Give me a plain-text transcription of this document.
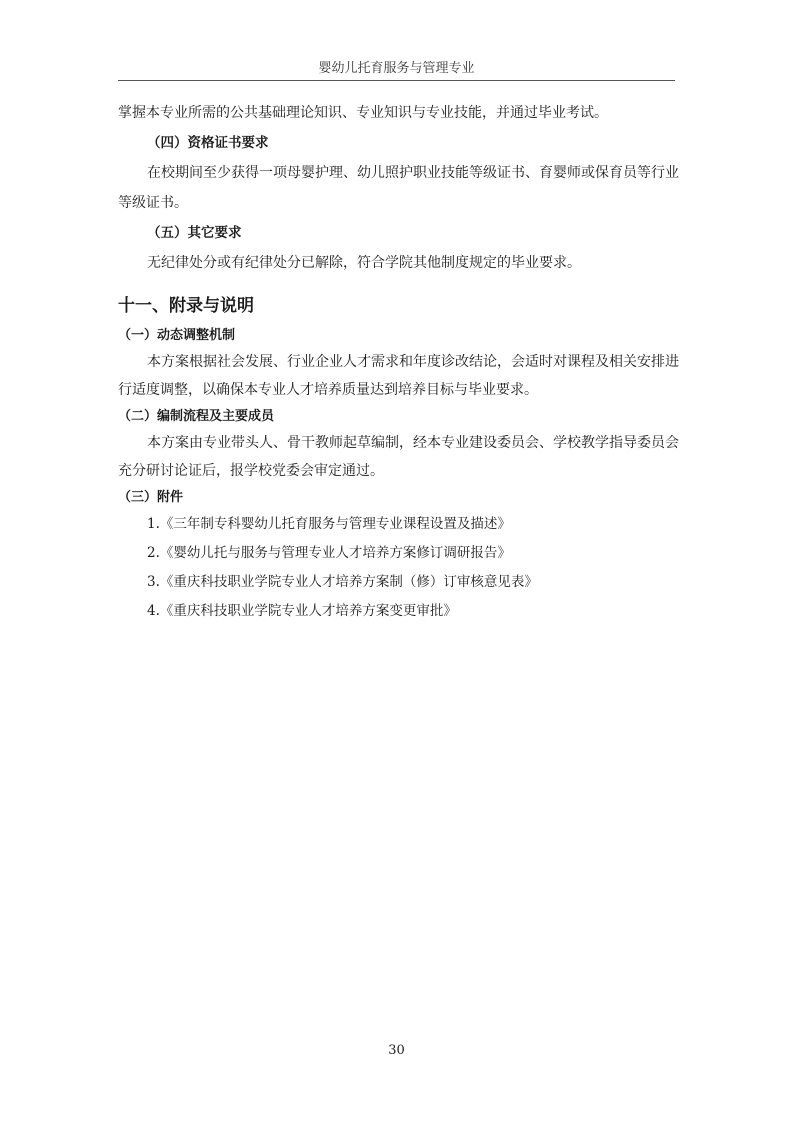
婴幼儿托育服务与管理专业
掌握本专业所需的公共基础理论知识、专业知识与专业技能，并通过毕业考试。
（四）资格证书要求
在校期间至少获得一项母婴护理、幼儿照护职业技能等级证书、育婴师或保育员等行业
等级证书。
（五）其它要求
无纪律处分或有纪律处分已解除，符合学院其他制度规定的毕业要求。
十一、附录与说明
（一）动态调整机制
本方案根据社会发展、行业企业人才需求和年度诊改结论，会适时对课程及相关安排进
行适度调整，以确保本专业人才培养质量达到培养目标与毕业要求。
（二）编制流程及主要成员
本方案由专业带头人、骨干教师起草编制，经本专业建设委员会、学校教学指导委员会
充分研讨论证后，报学校党委会审定通过。
（三）附件
1.《三年制专科婴幼儿托育服务与管理专业课程设置及描述》
2.《婴幼儿托与服务与管理专业人才培养方案修订调研报告》
3.《重庆科技职业学院专业人才培养方案制（修）订审核意见表》
4.《重庆科技职业学院专业人才培养方案变更审批》
30
